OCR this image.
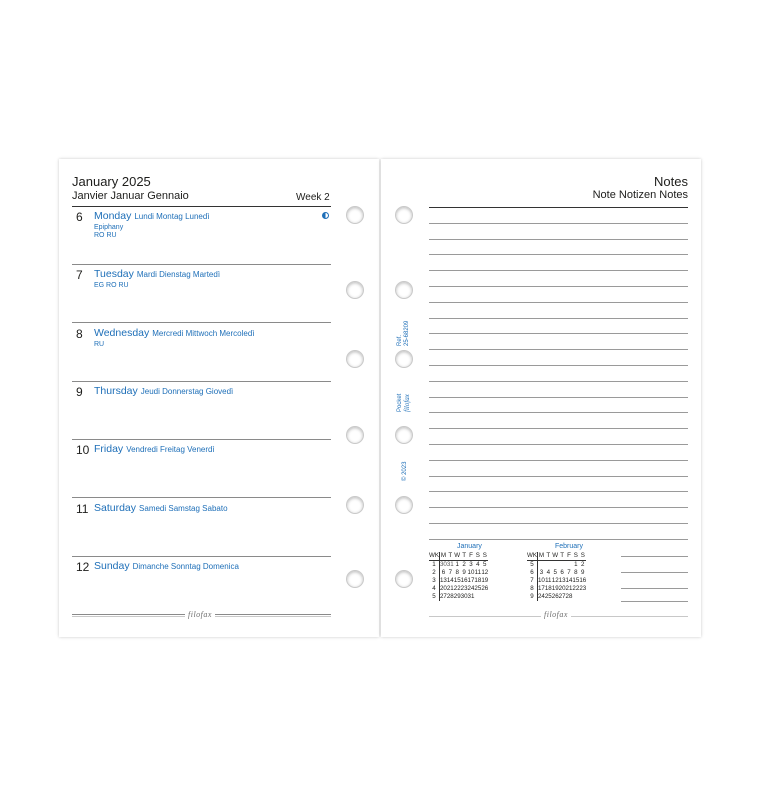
January 2025
Janvier Januar Gennaio	Week 2
6 Monday Lundi Montag Lunedì
Epiphany
RO RU
7 Tuesday Mardi Dienstag Martedì
EG RO RU
8 Wednesday Mercredi Mittwoch Mercoledì
RU
9 Thursday Jeudi Donnerstag Giovedì
10 Friday Vendredi Freitag Venerdì
11 Saturday Samedi Samstag Sabato
12 Sunday Dimanche Sonntag Domenica
filofax
Notes
Note Notizen Notes
Ref. 25-68209
Pocket filofax
© 2023
January
WK	M	T	W	T	F	S	S
1	30	31	1	2	3	4	5
2	6	7	8	9	10	11	12
3	13	14	15	16	17	18	19
4	20	21	22	23	24	25	26
5	27	28	29	30	31		
February
WK	M	T	W	T	F	S	S
5						1	2
6	3	4	5	6	7	8	9
7	10	11	12	13	14	15	16
8	17	18	19	20	21	22	23
9	24	25	26	27	28		
filofax
